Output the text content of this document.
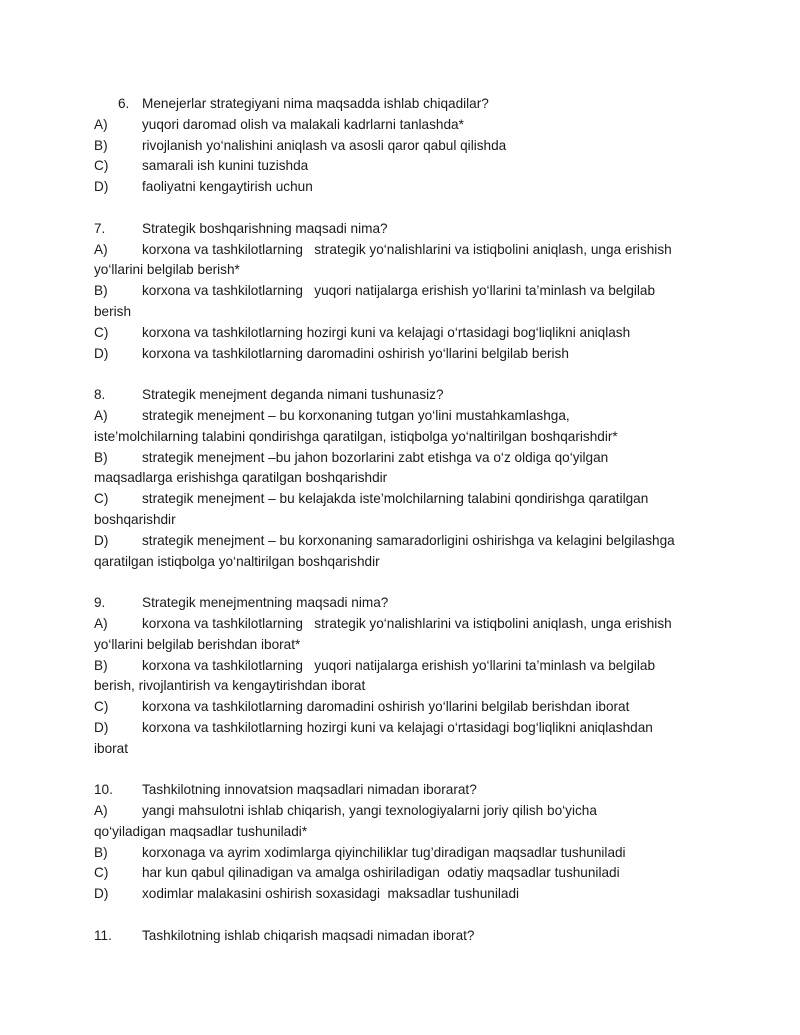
6. Menejerlar strategiyani nima maqsadda ishlab chiqadilar?
A)	yuqori daromad olish va malakali kadrlarni tanlashda*
B)	rivojlanish yo‘nalishini aniqlash va asosli qaror qabul qilishda
C) samarali ish kunini tuzishda
D) faoliyatni kengaytirish uchun
7.	Strategik boshqarishning maqsadi nima?
A)	korxona va tashkilotlarning   strategik yo‘nalishlarini va istiqbolini aniqlash, unga erishish
yo‘llarini belgilab berish*
B)	korxona va tashkilotlarning   yuqori natijalarga erishish yo‘llarini ta’minlash va belgilab
berish
C) korxona va tashkilotlarning hozirgi kuni va kelajagi o‘rtasidagi bog‘liqlikni aniqlash
D) korxona va tashkilotlarning daromadini oshirish yo‘llarini belgilab berish
8.	Strategik menejment deganda nimani tushunasiz?
A)	strategik menejment – bu korxonaning tutgan yo‘lini mustahkamlashga,
iste’molchilarning talabini qondirishga qaratilgan, istiqbolga yo‘naltirilgan boshqarishdir*
B)	strategik menejment –bu jahon bozorlarini zabt etishga va o‘z oldiga qo‘yilgan
maqsadlarga erishishga qaratilgan boshqarishdir
C) strategik menejment – bu kelajakda iste’molchilarning talabini qondirishga qaratilgan
boshqarishdir
D) strategik menejment – bu korxonaning samaradorligini oshirishga va kelagini belgilashga
qaratilgan istiqbolga yo‘naltirilgan boshqarishdir
9.	Strategik menejmentning maqsadi nima?
A)	korxona va tashkilotlarning   strategik yo‘nalishlarini va istiqbolini aniqlash, unga erishish
yo‘llarini belgilab berishdan iborat*
B)	korxona va tashkilotlarning   yuqori natijalarga erishish yo‘llarini ta’minlash va belgilab
berish, rivojlantirish va kengaytirishdan iborat
C) korxona va tashkilotlarning daromadini oshirish yo‘llarini belgilab berishdan iborat
D) korxona va tashkilotlarning hozirgi kuni va kelajagi o‘rtasidagi bog‘liqlikni aniqlashdan
iborat
10. Tashkilotning innovatsion maqsadlari nimadan iborarat?
A)	yangi mahsulotni ishlab chiqarish, yangi texnologiyalarni joriy qilish bo‘yicha
qo‘yiladigan maqsadlar tushuniladi*
B)	korxonaga va ayrim xodimlarga qiyinchiliklar tug’diradigan maqsadlar tushuniladi
C) har kun qabul qilinadigan va amalga oshiriladigan  odatiy maqsadlar tushuniladi
D) xodimlar malakasini oshirish soxasidagi  maksadlar tushuniladi
11. Tashkilotning ishlab chiqarish maqsadi nimadan iborat?
